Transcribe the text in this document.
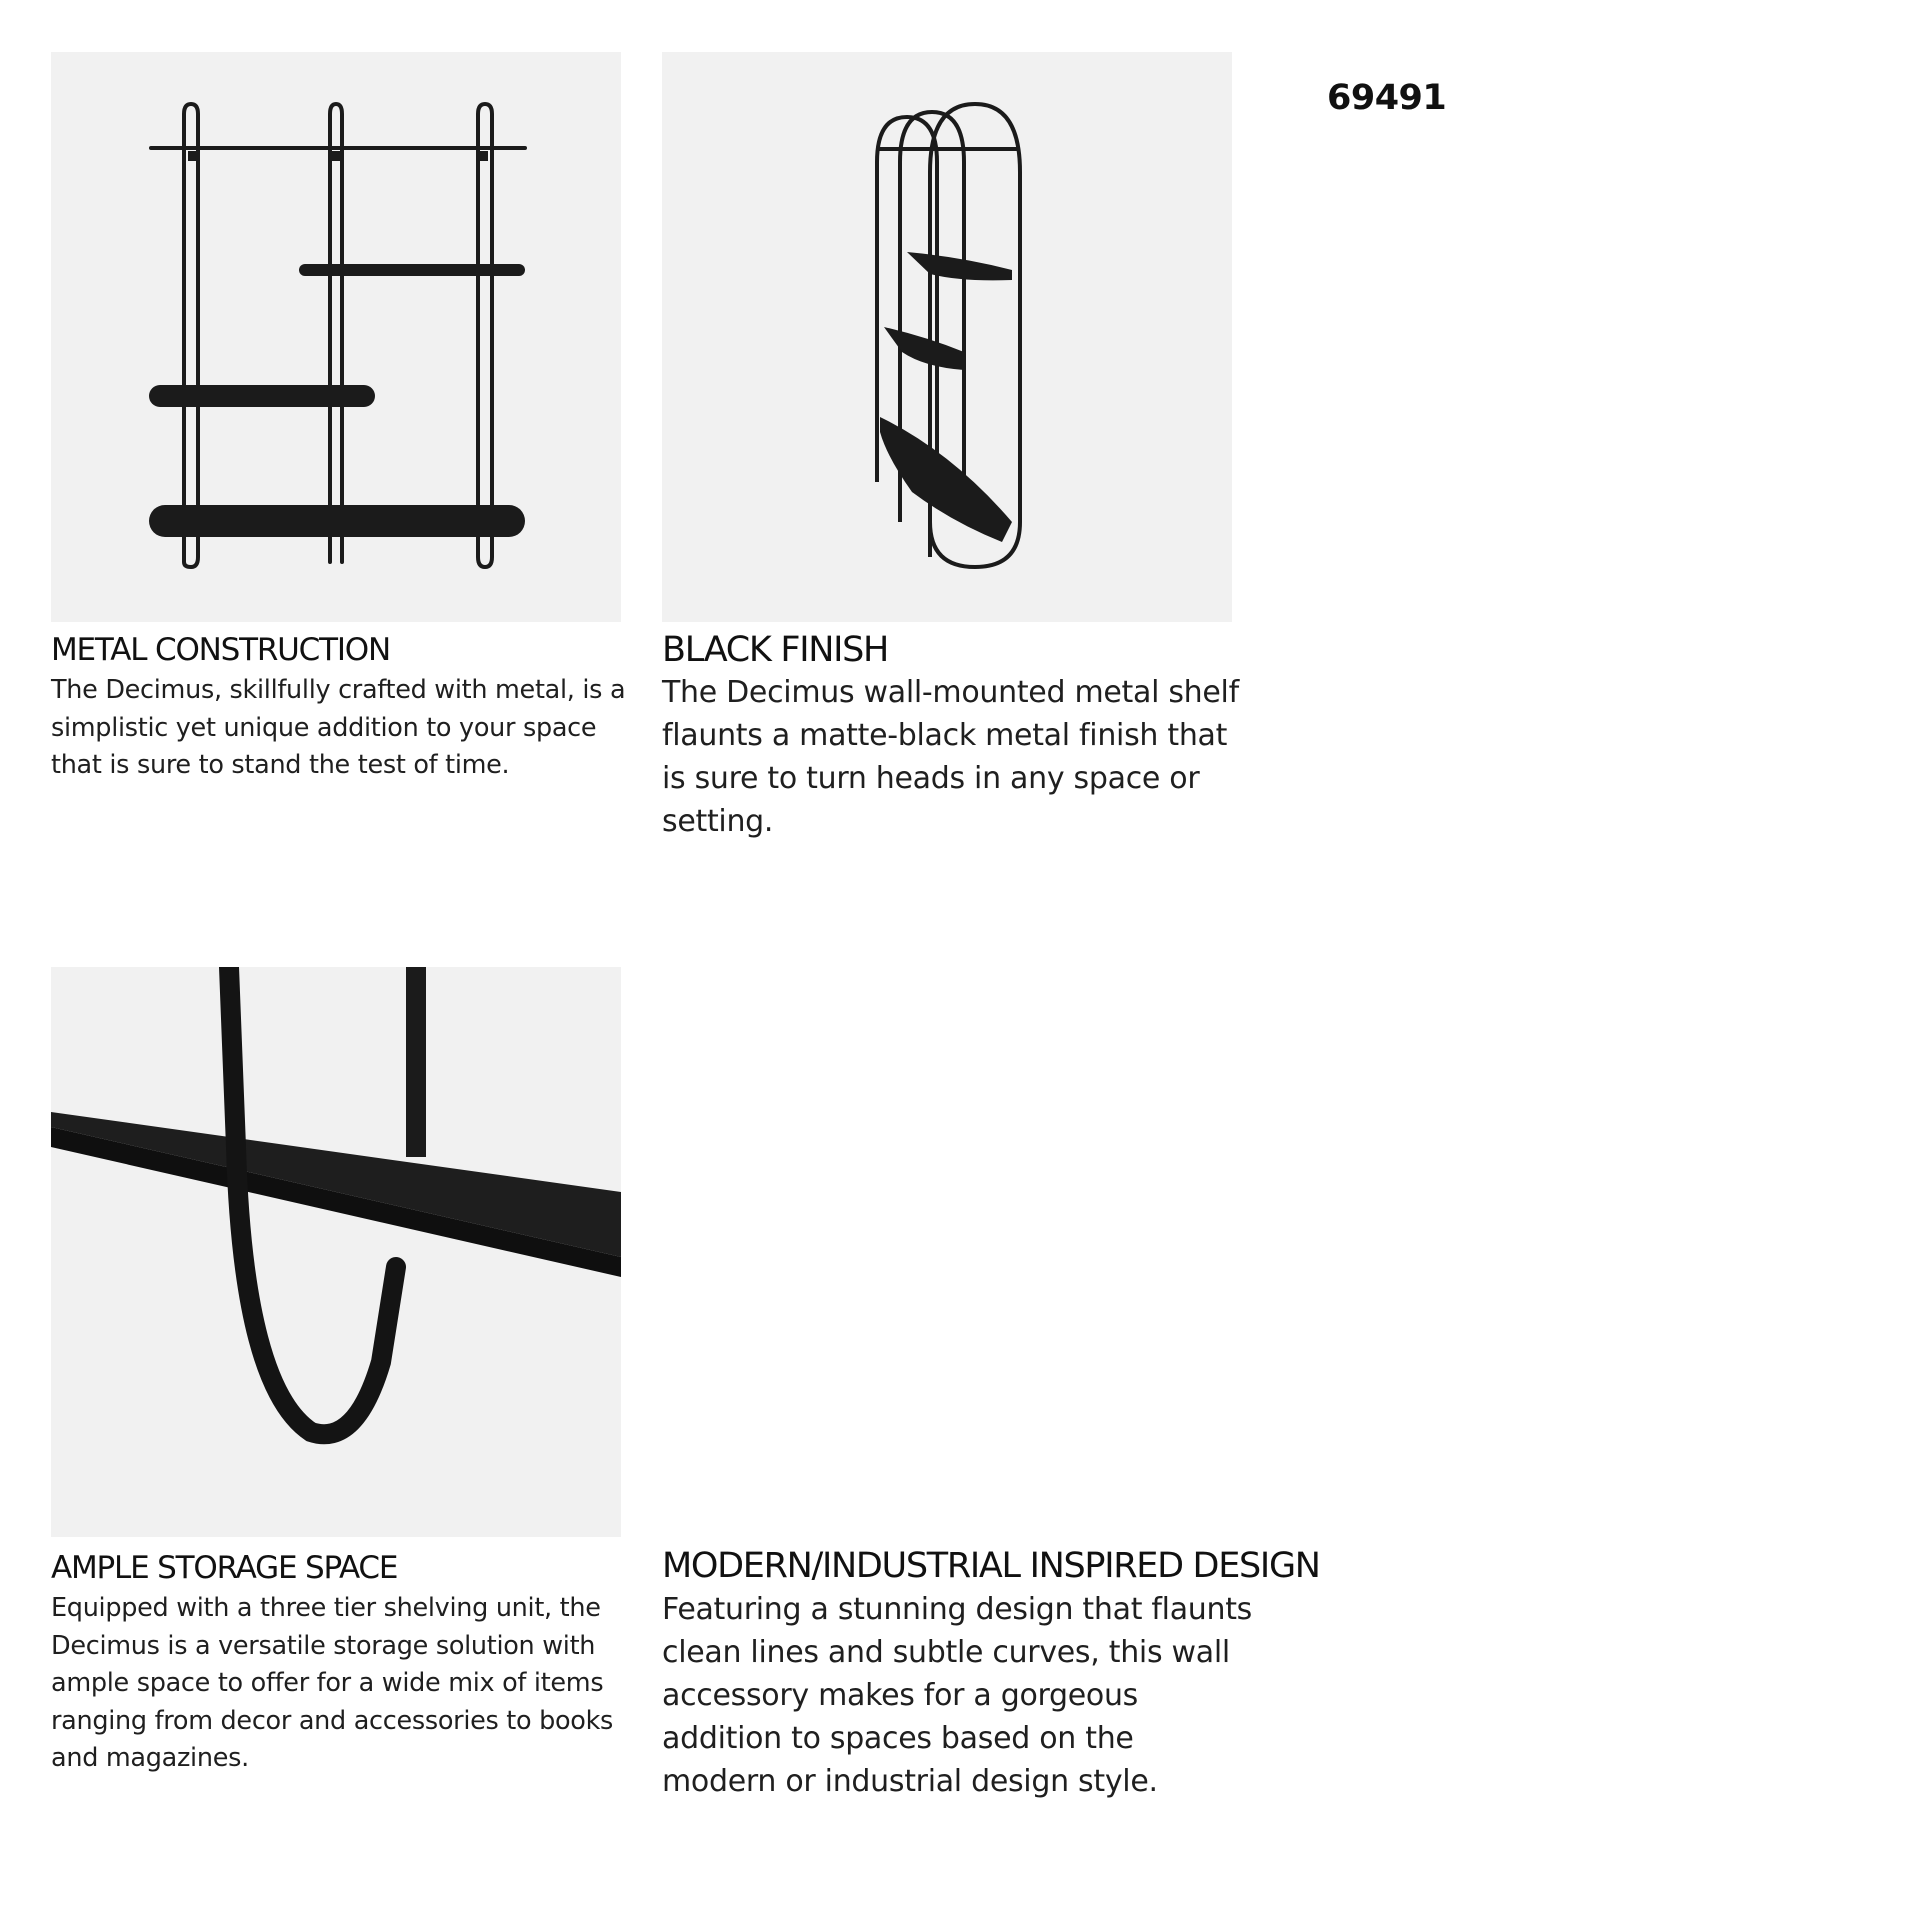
69491
METAL CONSTRUCTION
The Decimus, skillfully crafted with metal, is a simplistic yet unique addition to your space that is sure to stand the test of time.
BLACK FINISH
The Decimus wall-mounted metal shelf flaunts a matte-black metal finish that is sure to turn heads in any space or setting.
AMPLE STORAGE SPACE
Equipped with a three tier shelving unit, the Decimus is a versatile storage solution with ample space to offer for a wide mix of items ranging from decor and accessories to books and magazines.
MODERN/INDUSTRIAL INSPIRED DESIGN
Featuring a stunning design that flaunts clean lines and subtle curves, this wall accessory makes for a gorgeous addition to spaces based on the modern or industrial design style.
